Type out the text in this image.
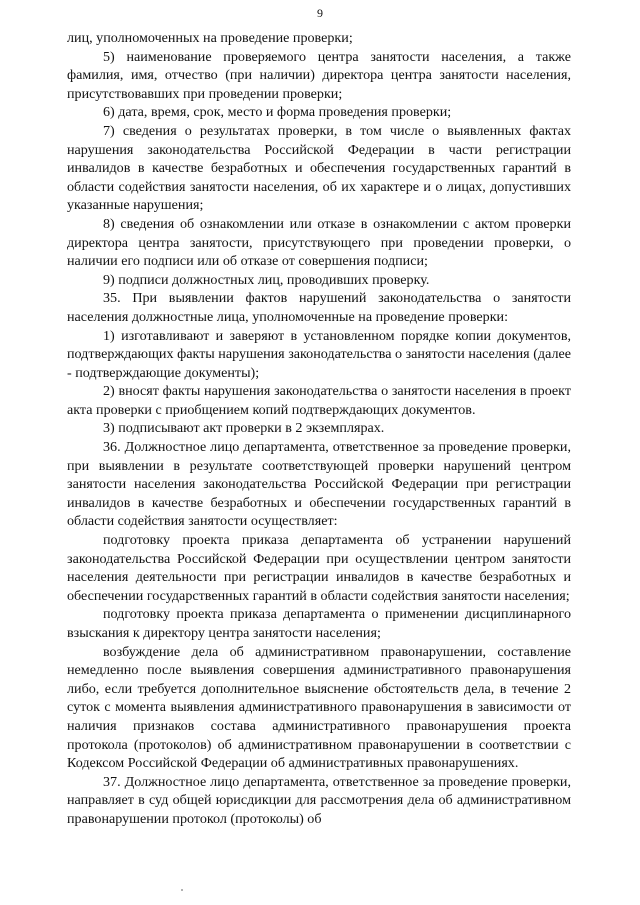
9

лиц, уполномоченных на проведение проверки;

5) наименование проверяемого центра занятости населения, а также фамилия, имя, отчество (при наличии) директора центра занятости населения, присутствовавших при проведении проверки;

6) дата, время, срок, место и форма проведения проверки;

7) сведения о результатах проверки, в том числе о выявленных фактах нарушения законодательства Российской Федерации в части регистрации инвалидов в качестве безработных и обеспечения государственных гарантий в области содействия занятости населения, об их характере и о лицах, допустивших указанные нарушения;

8) сведения об ознакомлении или отказе в ознакомлении с актом проверки директора центра занятости, присутствующего при проведении проверки, о наличии его подписи или об отказе от совершения подписи;

9) подписи должностных лиц, проводивших проверку.

35. При выявлении фактов нарушений законодательства о занятости населения должностные лица, уполномоченные на проведение проверки:

1) изготавливают и заверяют в установленном порядке копии документов, подтверждающих факты нарушения законодательства о занятости населения (далее - подтверждающие документы);

2) вносят факты нарушения законодательства о занятости населения в проект акта проверки с приобщением копий подтверждающих документов.

3) подписывают акт проверки в 2 экземплярах.

36. Должностное лицо департамента, ответственное за проведение проверки, при выявлении в результате соответствующей проверки нарушений центром занятости населения законодательства Российской Федерации при регистрации инвалидов в качестве безработных и обеспечении государственных гарантий в области содействия занятости осуществляет:

подготовку проекта приказа департамента об устранении нарушений законодательства Российской Федерации при осуществлении центром занятости населения деятельности при регистрации инвалидов в качестве безработных и обеспечении государственных гарантий в области содействия занятости населения;

подготовку проекта приказа департамента о применении дисциплинарного взыскания к директору центра занятости населения;

возбуждение дела об административном правонарушении, составление немедленно после выявления совершения административного правонарушения либо, если требуется дополнительное выяснение обстоятельств дела, в течение 2 суток с момента выявления административного правонарушения в зависимости от наличия признаков состава административного правонарушения проекта протокола (протоколов) об административном правонарушении в соответствии с Кодексом Российской Федерации об административных правонарушениях.

37. Должностное лицо департамента, ответственное за проведение проверки, направляет в суд общей юрисдикции для рассмотрения дела об административном правонарушении протокол (протоколы) об
